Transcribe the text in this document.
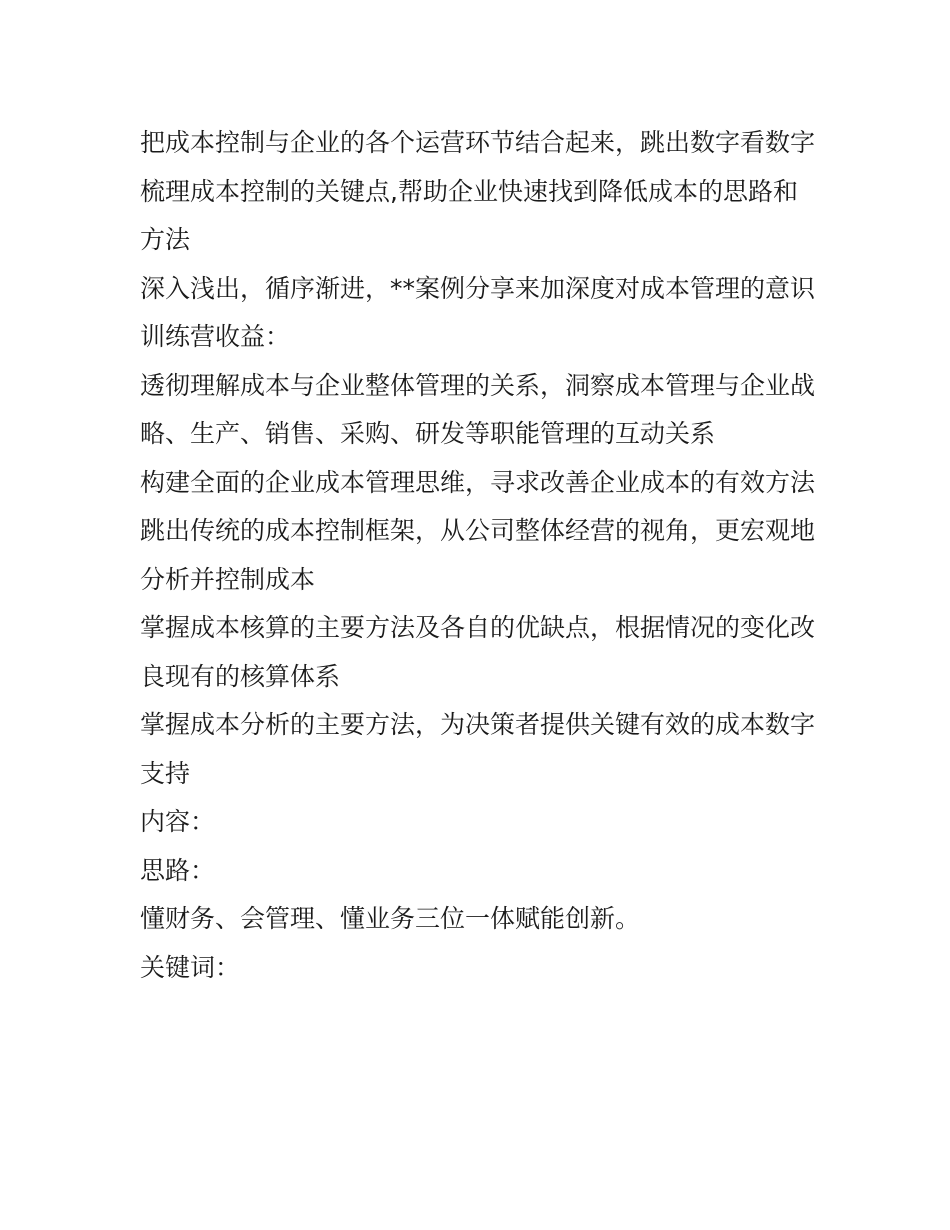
把成本控制与企业的各个运营环节结合起来，跳出数字看数字

梳理成本控制的关键点,帮助企业快速找到降低成本的思路和方法

深入浅出，循序渐进，**案例分享来加深度对成本管理的意识

训练营收益：

透彻理解成本与企业整体管理的关系，洞察成本管理与企业战略、生产、销售、采购、研发等职能管理的互动关系

构建全面的企业成本管理思维，寻求改善企业成本的有效方法

跳出传统的成本控制框架，从公司整体经营的视角，更宏观地分析并控制成本

掌握成本核算的主要方法及各自的优缺点，根据情况的变化改良现有的核算体系

掌握成本分析的主要方法，为决策者提供关键有效的成本数字支持

内容：

思路：

懂财务、会管理、懂业务三位一体赋能创新。

关键词：
